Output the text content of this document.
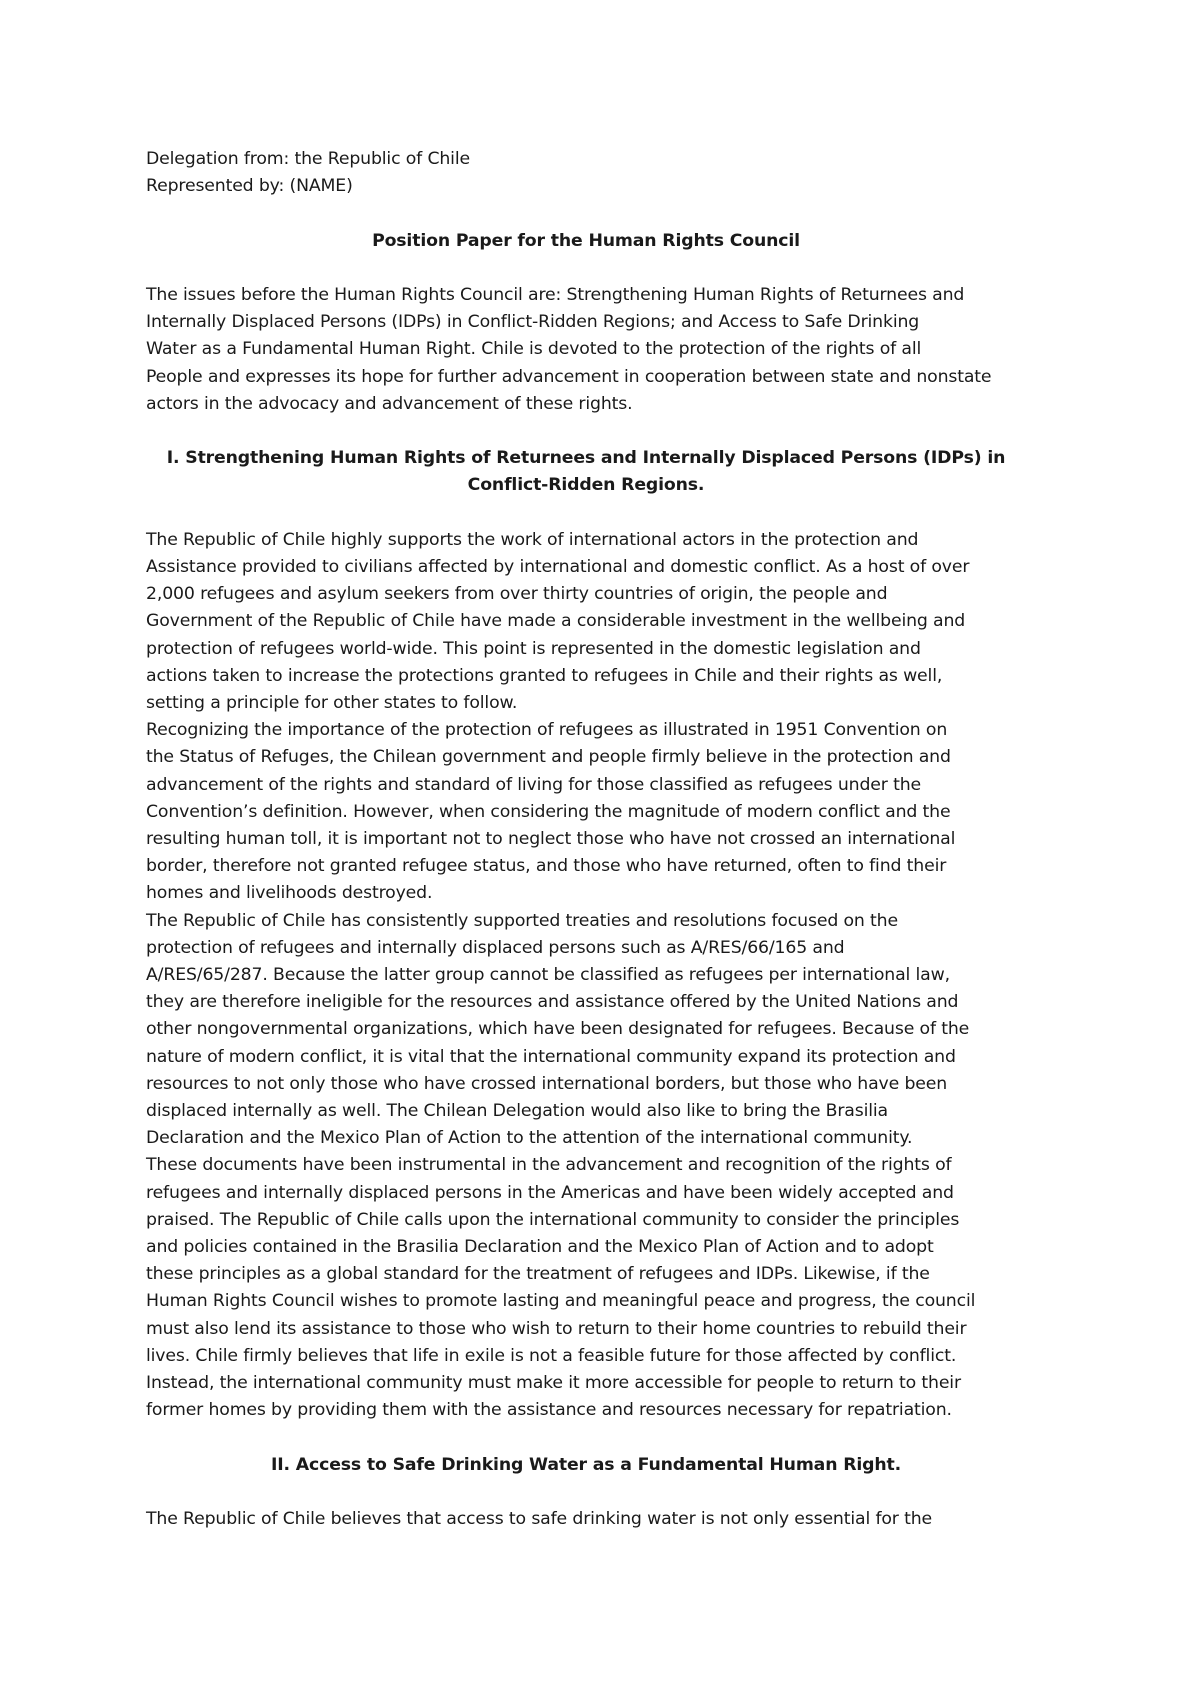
Delegation from: the Republic of Chile
Represented by: (NAME)
Position Paper for the Human Rights Council
The issues before the Human Rights Council are: Strengthening Human Rights of Returnees and
Internally Displaced Persons (IDPs) in Conflict-Ridden Regions; and Access to Safe Drinking
Water as a Fundamental Human Right. Chile is devoted to the protection of the rights of all
People and expresses its hope for further advancement in cooperation between state and nonstate
actors in the advocacy and advancement of these rights.
I. Strengthening Human Rights of Returnees and Internally Displaced Persons (IDPs) in
Conflict-Ridden Regions.
The Republic of Chile highly supports the work of international actors in the protection and
Assistance provided to civilians affected by international and domestic conflict. As a host of over
2,000 refugees and asylum seekers from over thirty countries of origin, the people and
Government of the Republic of Chile have made a considerable investment in the wellbeing and
protection of refugees world-wide. This point is represented in the domestic legislation and
actions taken to increase the protections granted to refugees in Chile and their rights as well,
setting a principle for other states to follow.
Recognizing the importance of the protection of refugees as illustrated in 1951 Convention on
the Status of Refuges, the Chilean government and people firmly believe in the protection and
advancement of the rights and standard of living for those classified as refugees under the
Convention’s definition. However, when considering the magnitude of modern conflict and the
resulting human toll, it is important not to neglect those who have not crossed an international
border, therefore not granted refugee status, and those who have returned, often to find their
homes and livelihoods destroyed.
The Republic of Chile has consistently supported treaties and resolutions focused on the
protection of refugees and internally displaced persons such as A/RES/66/165 and
A/RES/65/287. Because the latter group cannot be classified as refugees per international law,
they are therefore ineligible for the resources and assistance offered by the United Nations and
other nongovernmental organizations, which have been designated for refugees. Because of the
nature of modern conflict, it is vital that the international community expand its protection and
resources to not only those who have crossed international borders, but those who have been
displaced internally as well. The Chilean Delegation would also like to bring the Brasilia
Declaration and the Mexico Plan of Action to the attention of the international community.
These documents have been instrumental in the advancement and recognition of the rights of
refugees and internally displaced persons in the Americas and have been widely accepted and
praised. The Republic of Chile calls upon the international community to consider the principles
and policies contained in the Brasilia Declaration and the Mexico Plan of Action and to adopt
these principles as a global standard for the treatment of refugees and IDPs. Likewise, if the
Human Rights Council wishes to promote lasting and meaningful peace and progress, the council
must also lend its assistance to those who wish to return to their home countries to rebuild their
lives. Chile firmly believes that life in exile is not a feasible future for those affected by conflict.
Instead, the international community must make it more accessible for people to return to their
former homes by providing them with the assistance and resources necessary for repatriation.
II. Access to Safe Drinking Water as a Fundamental Human Right.
The Republic of Chile believes that access to safe drinking water is not only essential for the
